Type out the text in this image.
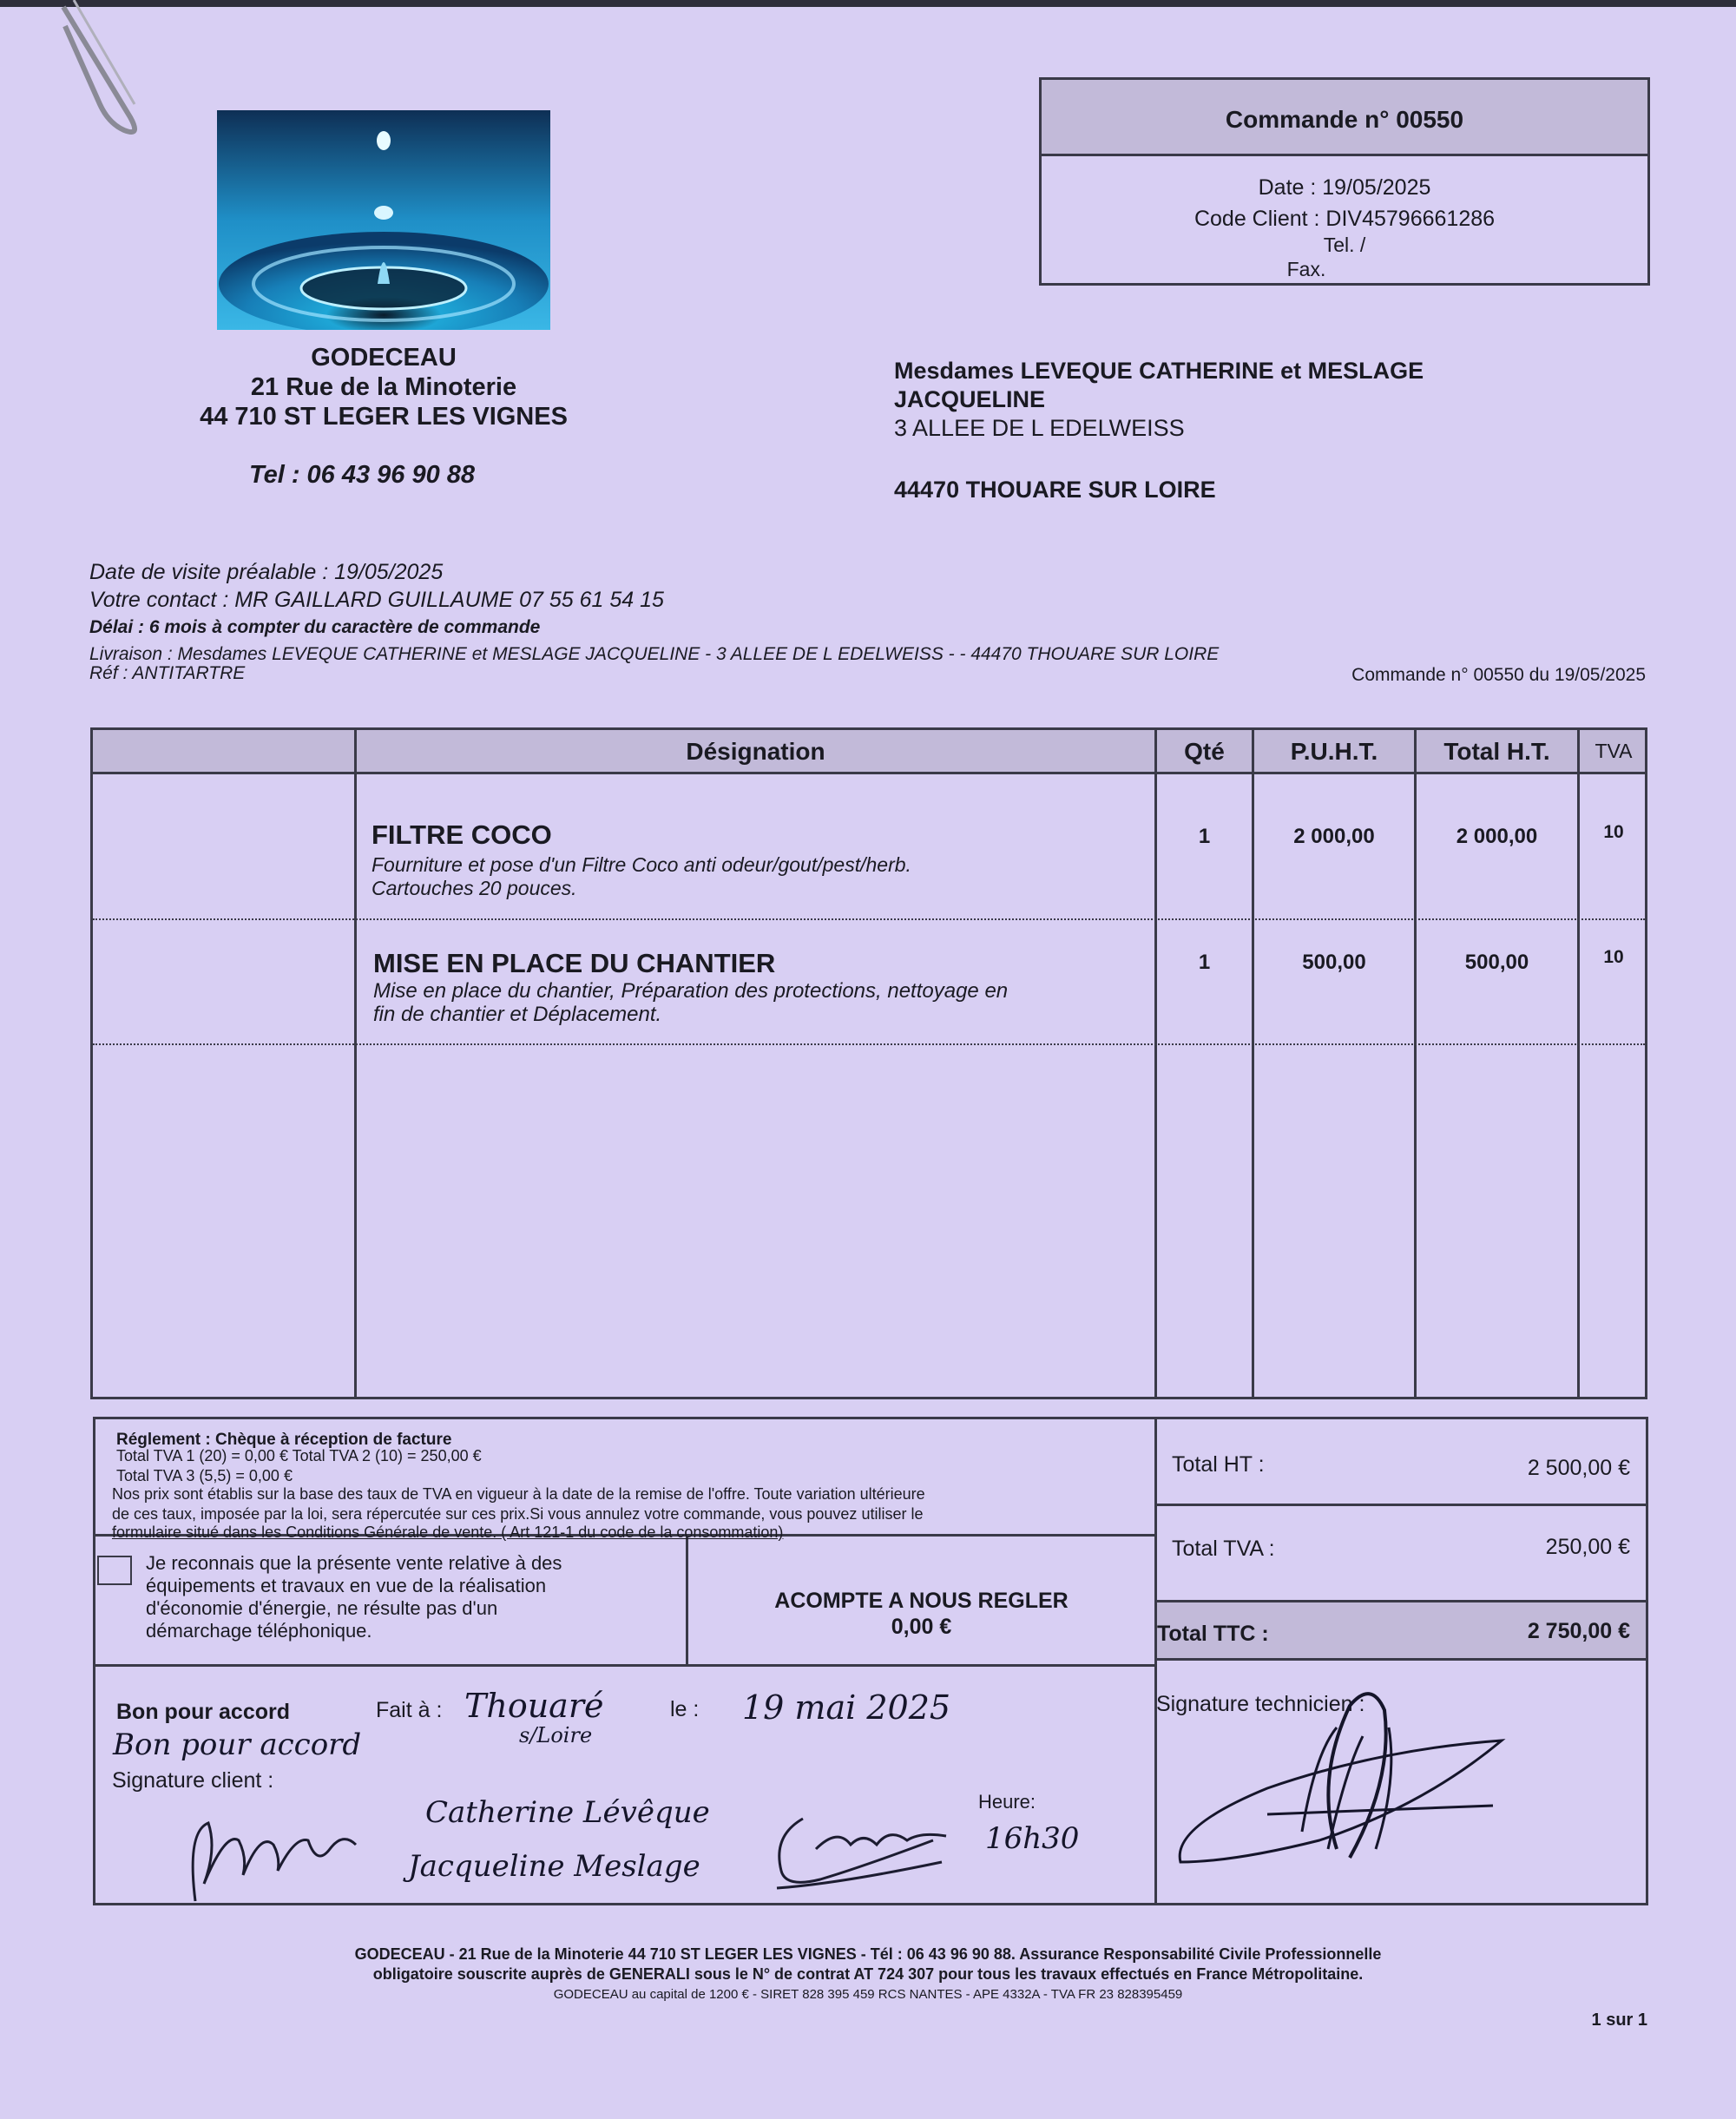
GODECEAU
21 Rue de la Minoterie
44 710 ST LEGER LES VIGNES
Tel : 06 43 96 90 88
Commande n° 00550
Date : 19/05/2025
Code Client : DIV45796661286
Tel. /
Fax.
Mesdames LEVEQUE CATHERINE et MESLAGE
JACQUELINE
3 ALLEE DE L EDELWEISS
44470 THOUARE SUR LOIRE
Date de visite préalable : 19/05/2025
Votre contact : MR GAILLARD GUILLAUME 07 55 61 54 15
Délai : 6 mois à compter du caractère de commande
Livraison : Mesdames LEVEQUE CATHERINE et MESLAGE JACQUELINE - 3 ALLEE DE L EDELWEISS - - 44470 THOUARE SUR LOIRE
Réf : ANTITARTRE	Commande n° 00550 du 19/05/2025
Désignation	Qté	P.U.H.T.	Total H.T.	TVA
FILTRE COCO
Fourniture et pose d'un Filtre Coco anti odeur/gout/pest/herb.
Cartouches 20 pouces.
1	2 000,00	2 000,00	10
MISE EN PLACE DU CHANTIER
Mise en place du chantier, Préparation des protections, nettoyage en
fin de chantier et Déplacement.
1	500,00	500,00	10
Réglement : Chèque à réception de facture
Total TVA 1 (20) = 0,00 € Total TVA 2 (10) = 250,00 €
Total TVA 3 (5,5) = 0,00 €
Nos prix sont établis sur la base des taux de TVA en vigueur à la date de la remise de l'offre. Toute variation ultérieure
de ces taux, imposée par la loi, sera répercutée sur ces prix.Si vous annulez votre commande, vous pouvez utiliser le
formulaire situé dans les Conditions Générale de vente. ( Art 121-1 du code de la consommation)
Je reconnais que la présente vente relative à des
équipements et travaux en vue de la réalisation
d'économie d'énergie, ne résulte pas d'un
démarchage téléphonique.
ACOMPTE A NOUS REGLER
0,00 €
Total HT :	2 500,00 €
Total TVA :	250,00 €
Total TTC :	2 750,00 €
Bon pour accord	Fait à :	le :
Signature client :
Heure:
Signature technicien :
Thouaré
s/Loire
19 mai 2025
Bon pour accord
Catherine Lévêque
Jacqueline Meslage
16h30
GODECEAU - 21 Rue de la Minoterie 44 710 ST LEGER LES VIGNES - Tél : 06 43 96 90 88. Assurance Responsabilité Civile Professionnelle
obligatoire souscrite auprès de GENERALI sous le N° de contrat AT 724 307 pour tous les travaux effectués en France Métropolitaine.
GODECEAU au capital de 1200 € - SIRET 828 395 459 RCS NANTES - APE 4332A - TVA FR 23 828395459
1 sur 1
